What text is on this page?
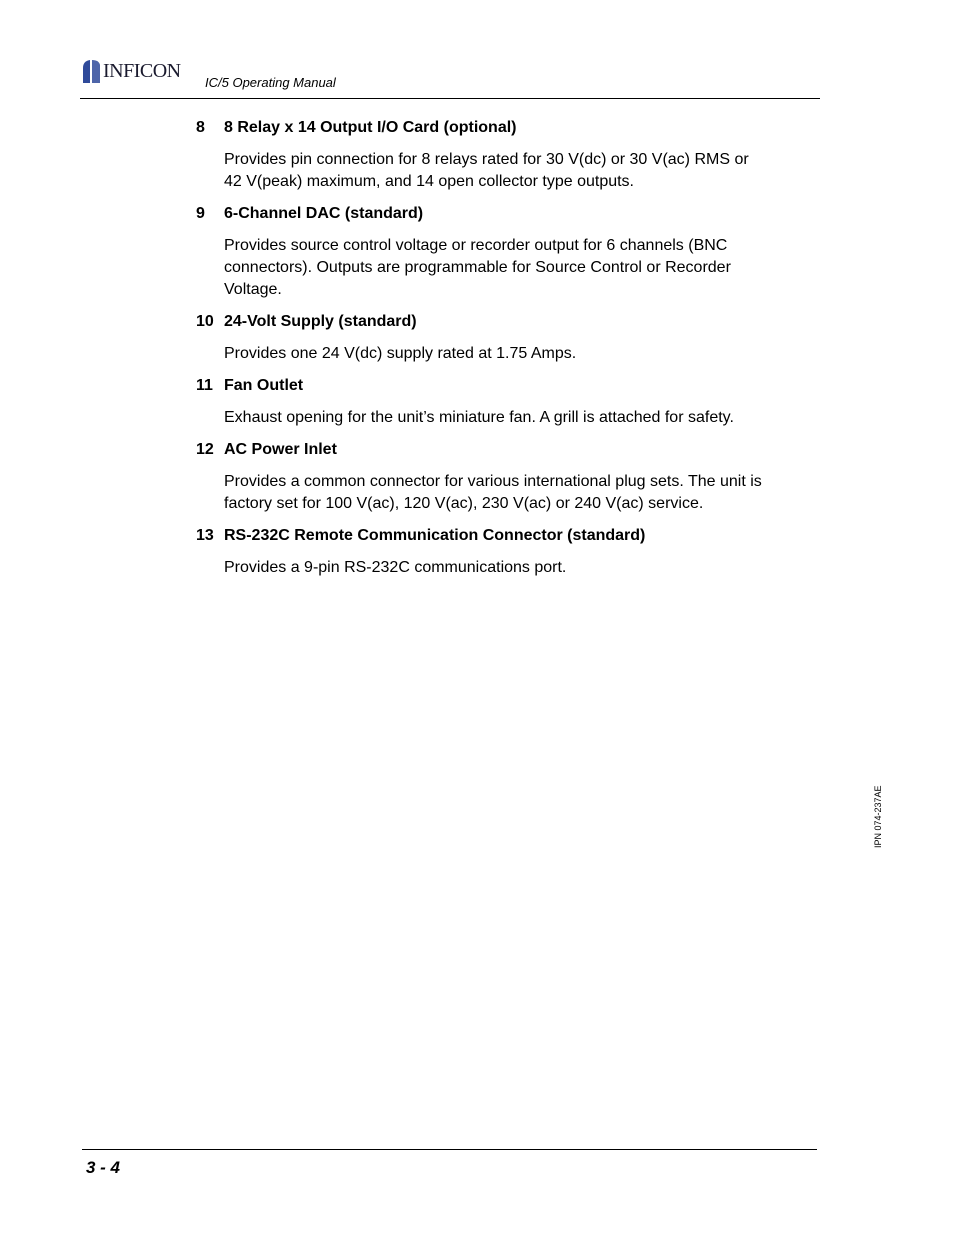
INFICON
IC/5 Operating Manual
8	8 Relay x 14 Output I/O Card (optional)

Provides pin connection for 8 relays rated for 30 V(dc) or 30 V(ac) RMS or

42 V(peak) maximum, and 14 open collector type outputs.

9	6-Channel DAC (standard)

Provides source control voltage or recorder output for 6 channels (BNC

connectors). Outputs are programmable for Source Control or Recorder

Voltage.

10 24-Volt Supply (standard)

Provides one 24 V(dc) supply rated at 1.75 Amps.

11 Fan Outlet

Exhaust opening for the unit’s miniature fan. A grill is attached for safety.

12 AC Power Inlet

Provides a common connector for various international plug sets. The unit is

factory set for 100 V(ac), 120 V(ac), 230 V(ac) or 240 V(ac) service.

13 RS-232C Remote Communication Connector (standard)

Provides a 9-pin RS-232C communications port.

IPN 074-237AE
3 - 4
